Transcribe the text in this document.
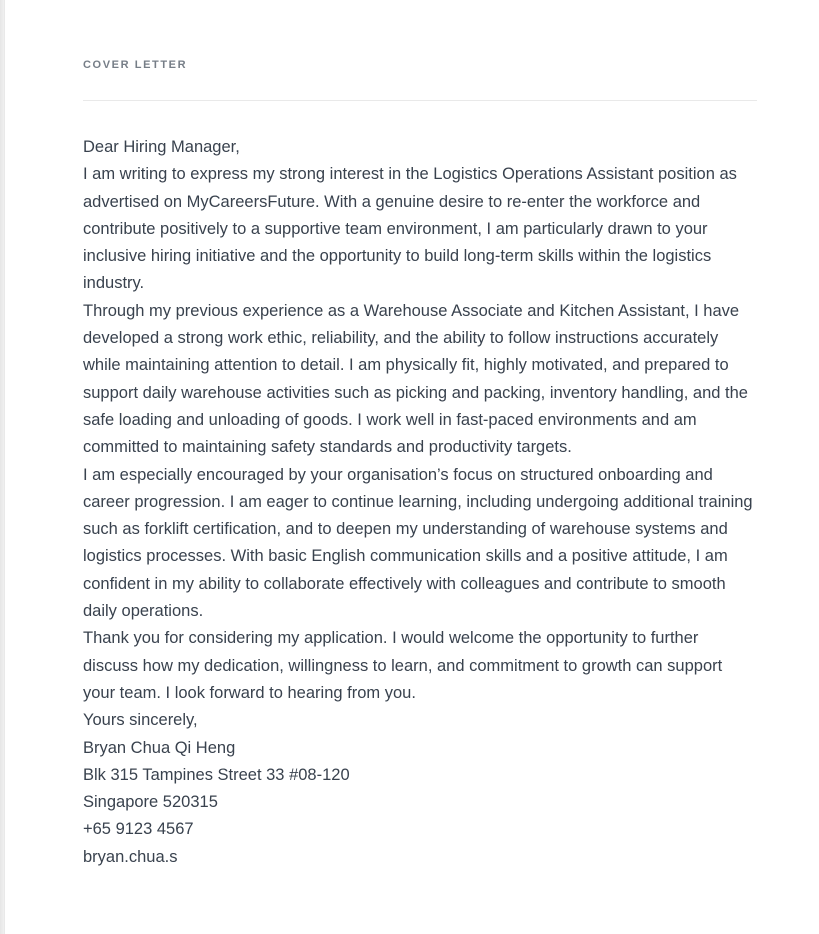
COVER LETTER

Dear Hiring Manager,

I am writing to express my strong interest in the Logistics Operations Assistant position as advertised on MyCareersFuture. With a genuine desire to re-enter the workforce and contribute positively to a supportive team environment, I am particularly drawn to your inclusive hiring initiative and the opportunity to build long-term skills within the logistics industry.

Through my previous experience as a Warehouse Associate and Kitchen Assistant, I have developed a strong work ethic, reliability, and the ability to follow instructions accurately while maintaining attention to detail. I am physically fit, highly motivated, and prepared to support daily warehouse activities such as picking and packing, inventory handling, and the safe loading and unloading of goods. I work well in fast-paced environments and am committed to maintaining safety standards and productivity targets.

I am especially encouraged by your organisation’s focus on structured onboarding and career progression. I am eager to continue learning, including undergoing additional training such as forklift certification, and to deepen my understanding of warehouse systems and logistics processes. With basic English communication skills and a positive attitude, I am confident in my ability to collaborate effectively with colleagues and contribute to smooth daily operations.

Thank you for considering my application. I would welcome the opportunity to further discuss how my dedication, willingness to learn, and commitment to growth can support your team. I look forward to hearing from you.

Yours sincerely,

Bryan Chua Qi Heng

Blk 315 Tampines Street 33 #08-120

Singapore 520315

+65 9123 4567

bryan.chua.s
